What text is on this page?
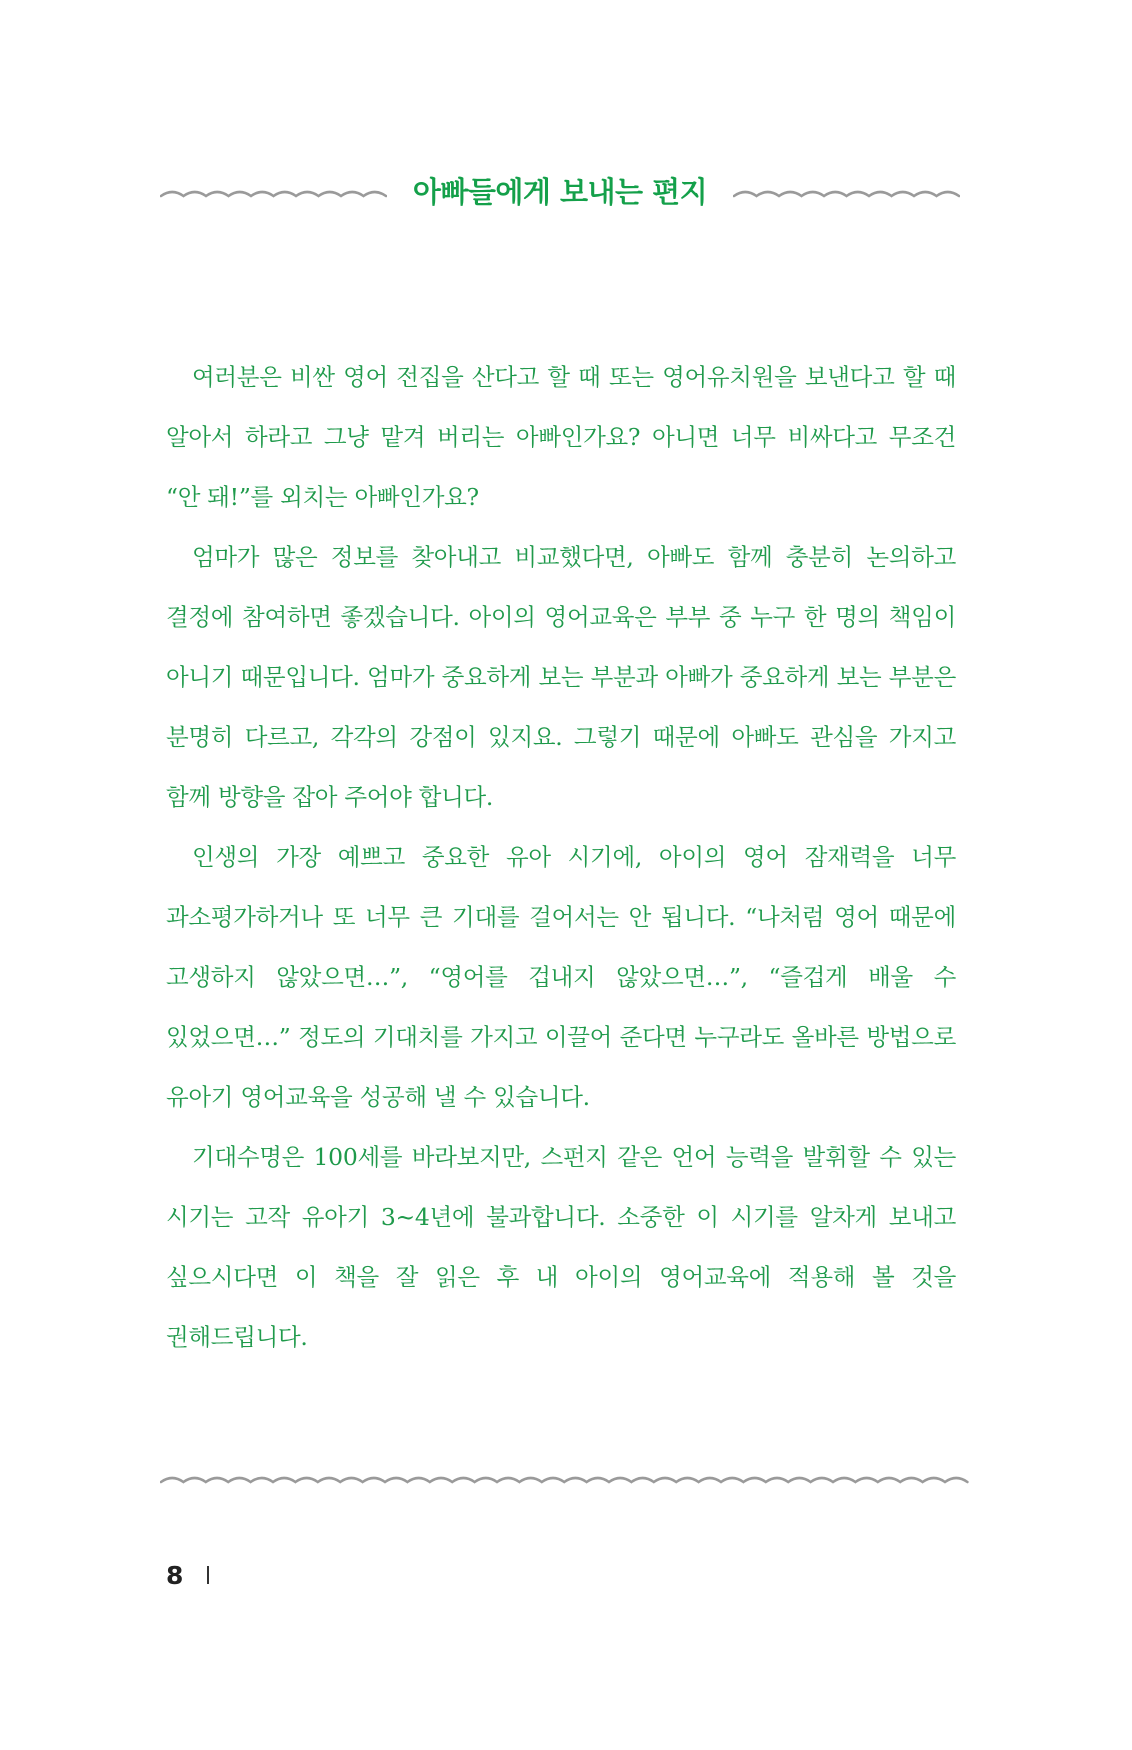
아빠들에게 보내는 편지

여러분은 비싼 영어 전집을 산다고 할 때 또는 영어유치원을 보낸다고 할 때 알아서 하라고 그냥 맡겨 버리는 아빠인가요? 아니면 너무 비싸다고 무조건 “안 돼!”를 외치는 아빠인가요?

엄마가 많은 정보를 찾아내고 비교했다면, 아빠도 함께 충분히 논의하고 결정에 참여하면 좋겠습니다. 아이의 영어교육은 부부 중 누구 한 명의 책임이 아니기 때문입니다. 엄마가 중요하게 보는 부분과 아빠가 중요하게 보는 부분은 분명히 다르고, 각각의 강점이 있지요. 그렇기 때문에 아빠도 관심을 가지고 함께 방향을 잡아 주어야 합니다.

인생의 가장 예쁘고 중요한 유아 시기에, 아이의 영어 잠재력을 너무 과소평가하거나 또 너무 큰 기대를 걸어서는 안 됩니다. “나처럼 영어 때문에 고생하지 않았으면…”, “영어를 겁내지 않았으면…”, “즐겁게 배울 수 있었으면…” 정도의 기대치를 가지고 이끌어 준다면 누구라도 올바른 방법으로 유아기 영어교육을 성공해 낼 수 있습니다.

기대수명은 100세를 바라보지만, 스펀지 같은 언어 능력을 발휘할 수 있는 시기는 고작 유아기 3~4년에 불과합니다. 소중한 이 시기를 알차게 보내고 싶으시다면 이 책을 잘 읽은 후 내 아이의 영어교육에 적용해 볼 것을 권해드립니다.

8
